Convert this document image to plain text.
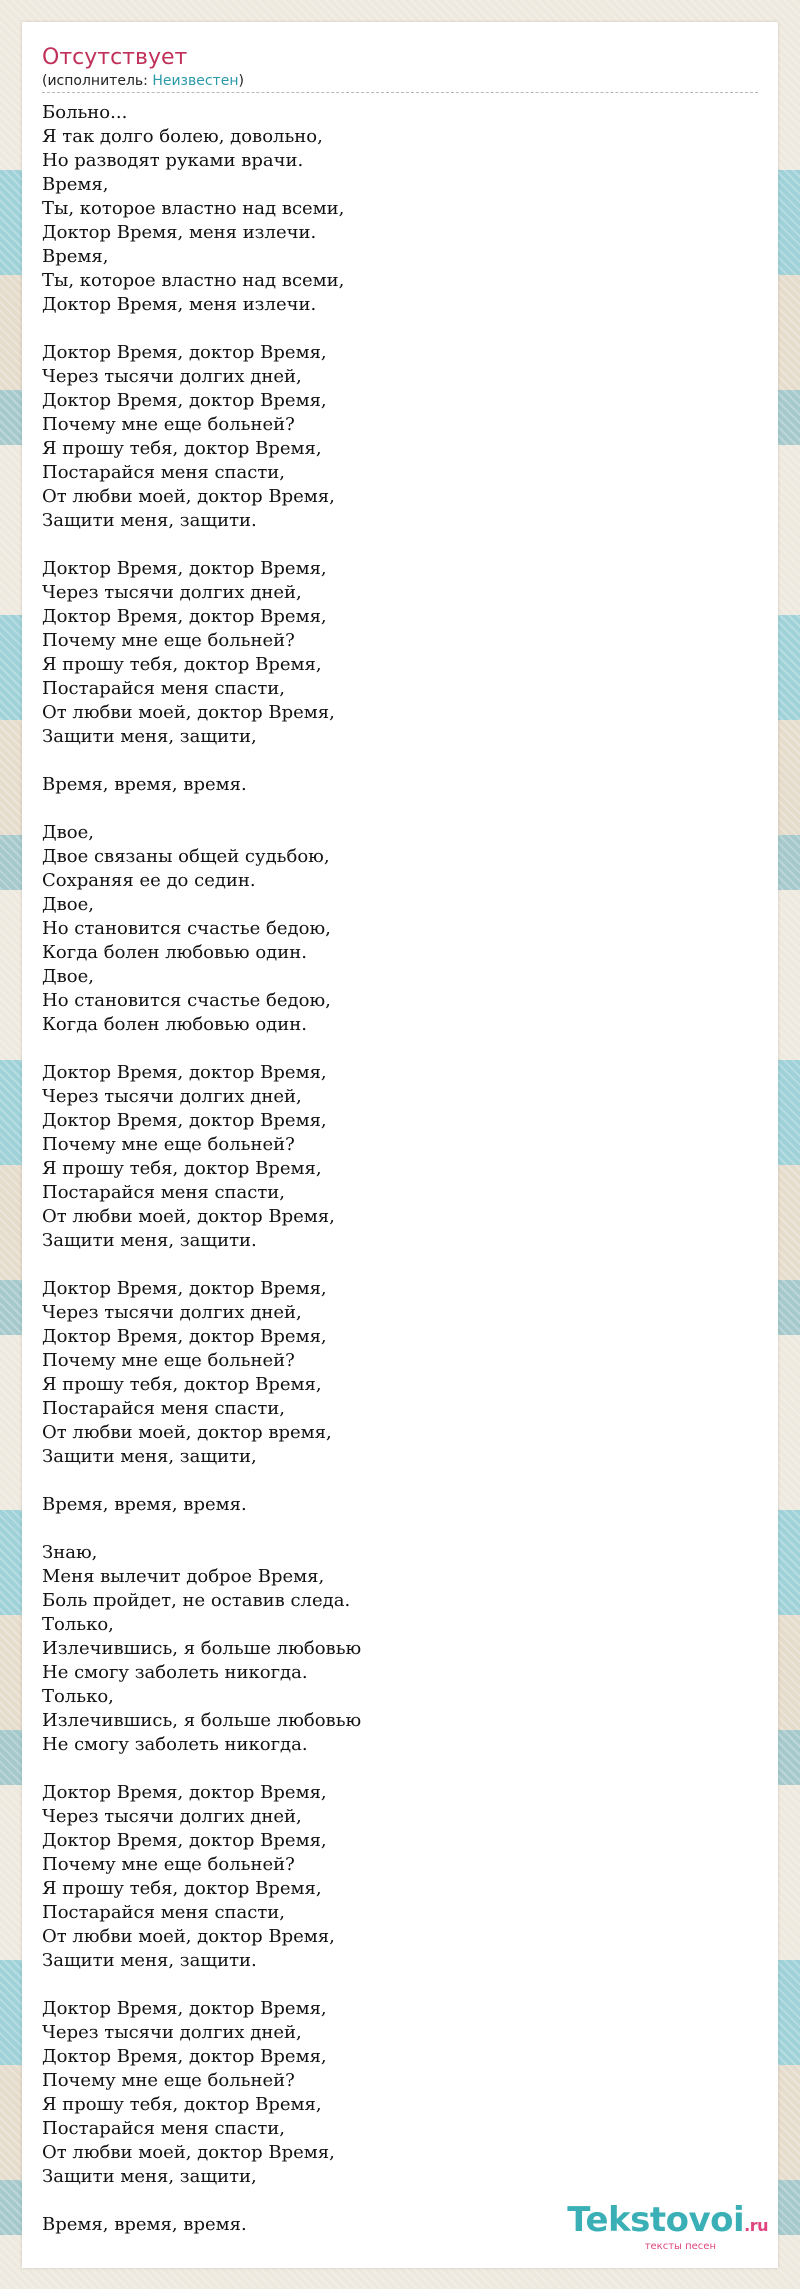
Отсутствует
(исполнитель: Неизвестен)
Больно...
Я так долго болею, довольно,
Но разводят руками врачи.
Время,
Ты, которое властно над всеми,
Доктор Время, меня излечи.
Время,
Ты, которое властно над всеми,
Доктор Время, меня излечи.

Доктор Время, доктор Время,
Через тысячи долгих дней,
Доктор Время, доктор Время,
Почему мне еще больней?
Я прошу тебя, доктор Время,
Постарайся меня спасти,
От любви моей, доктор Время,
Защити меня, защити.

Доктор Время, доктор Время,
Через тысячи долгих дней,
Доктор Время, доктор Время,
Почему мне еще больней?
Я прошу тебя, доктор Время,
Постарайся меня спасти,
От любви моей, доктор Время,
Защити меня, защити,

Время, время, время.

Двое,
Двое связаны общей судьбою,
Сохраняя ее до седин.
Двое,
Но становится счастье бедою,
Когда болен любовью один.
Двое,
Но становится счастье бедою,
Когда болен любовью один.

Доктор Время, доктор Время,
Через тысячи долгих дней,
Доктор Время, доктор Время,
Почему мне еще больней?
Я прошу тебя, доктор Время,
Постарайся меня спасти,
От любви моей, доктор Время,
Защити меня, защити.

Доктор Время, доктор Время,
Через тысячи долгих дней,
Доктор Время, доктор Время,
Почему мне еще больней?
Я прошу тебя, доктор Время,
Постарайся меня спасти,
От любви моей, доктор время,
Защити меня, защити,

Время, время, время.

Знаю,
Меня вылечит доброе Время,
Боль пройдет, не оставив следа.
Только,
Излечившись, я больше любовью
Не смогу заболеть никогда.
Только,
Излечившись, я больше любовью
Не смогу заболеть никогда.

Доктор Время, доктор Время,
Через тысячи долгих дней,
Доктор Время, доктор Время,
Почему мне еще больней?
Я прошу тебя, доктор Время,
Постарайся меня спасти,
От любви моей, доктор Время,
Защити меня, защити.

Доктор Время, доктор Время,
Через тысячи долгих дней,
Доктор Время, доктор Время,
Почему мне еще больней?
Я прошу тебя, доктор Время,
Постарайся меня спасти,
От любви моей, доктор Время,
Защити меня, защити,

Время, время, время.	Tekstovoi.ru
тексты песен
